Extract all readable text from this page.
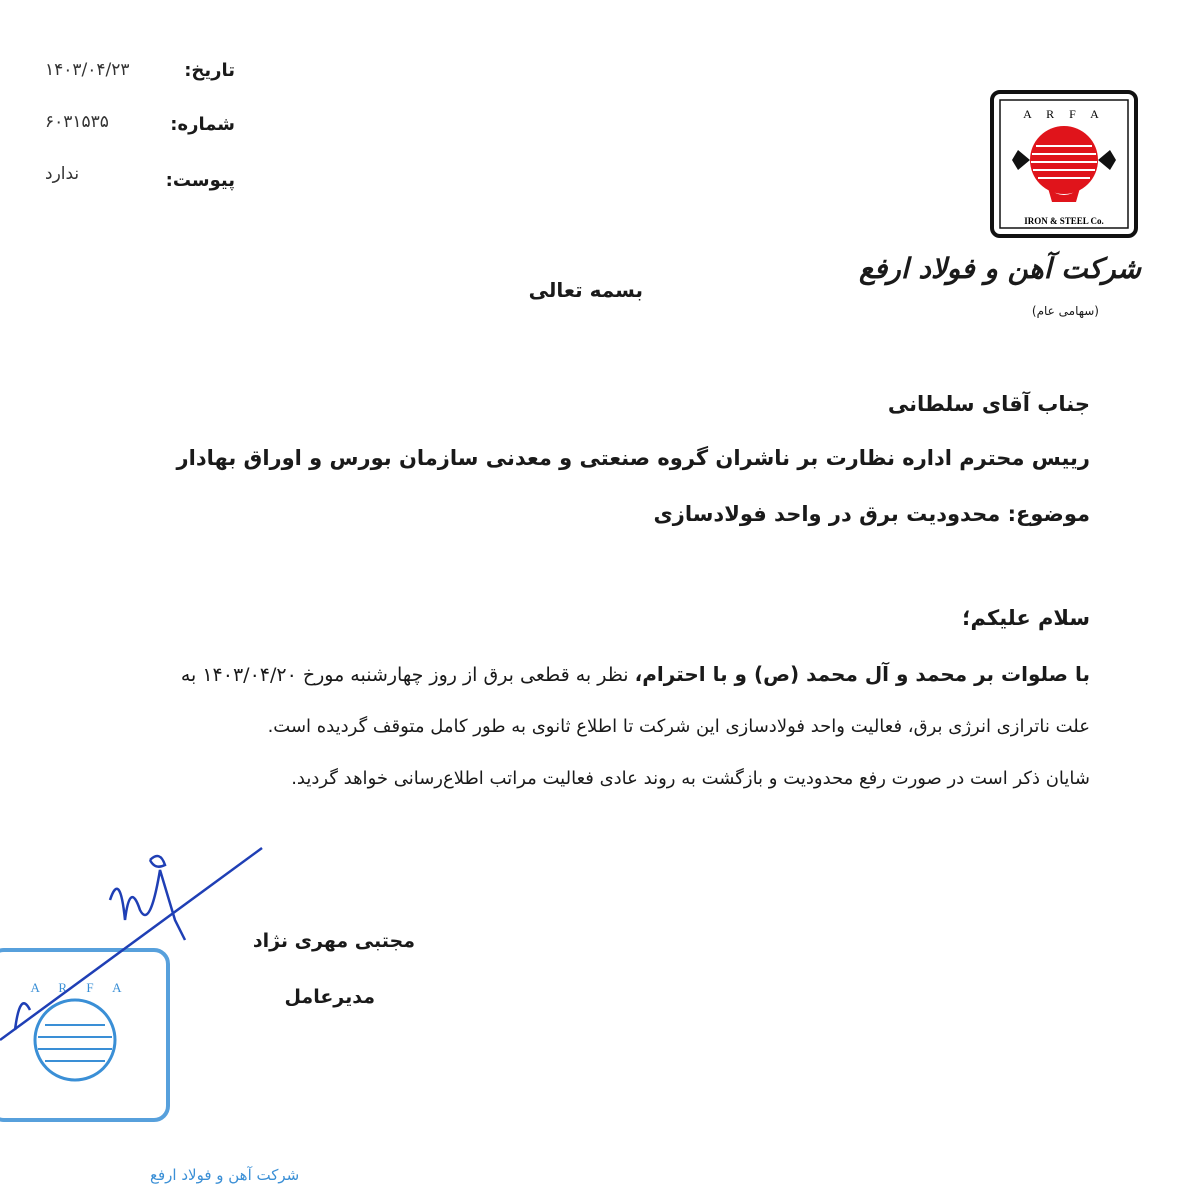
تاریخ:
۱۴۰۳/۰۴/۲۳
شماره:
۶۰۳۱۵۳۵
پیوست:
ندارد
A R F A
IRON & STEEL Co.
شرکت آهن و فولاد ارفع
(سهامی عام)
بسمه تعالی
جناب آقای سلطانی
رییس محترم اداره نظارت بر ناشران گروه صنعتی و معدنی سازمان بورس و اوراق بهادار
موضوع: محدودیت برق در واحد فولادسازی
سلام علیکم؛
با صلوات بر محمد و آل محمد (ص) و با احترام، نظر به قطعی برق از روز چهارشنبه مورخ ۱۴۰۳/۰۴/۲۰ به
علت ناترازی انرژی برق، فعالیت واحد فولادسازی این شرکت تا اطلاع ثانوی به طور کامل متوقف گردیده است.
شایان ذکر است در صورت رفع محدودیت و بازگشت به روند عادی فعالیت مراتب اطلاع‌رسانی خواهد گردید.
A R F A
شرکت آهن و فولاد ارفع
مجتبی مهری نژاد
مدیرعامل
